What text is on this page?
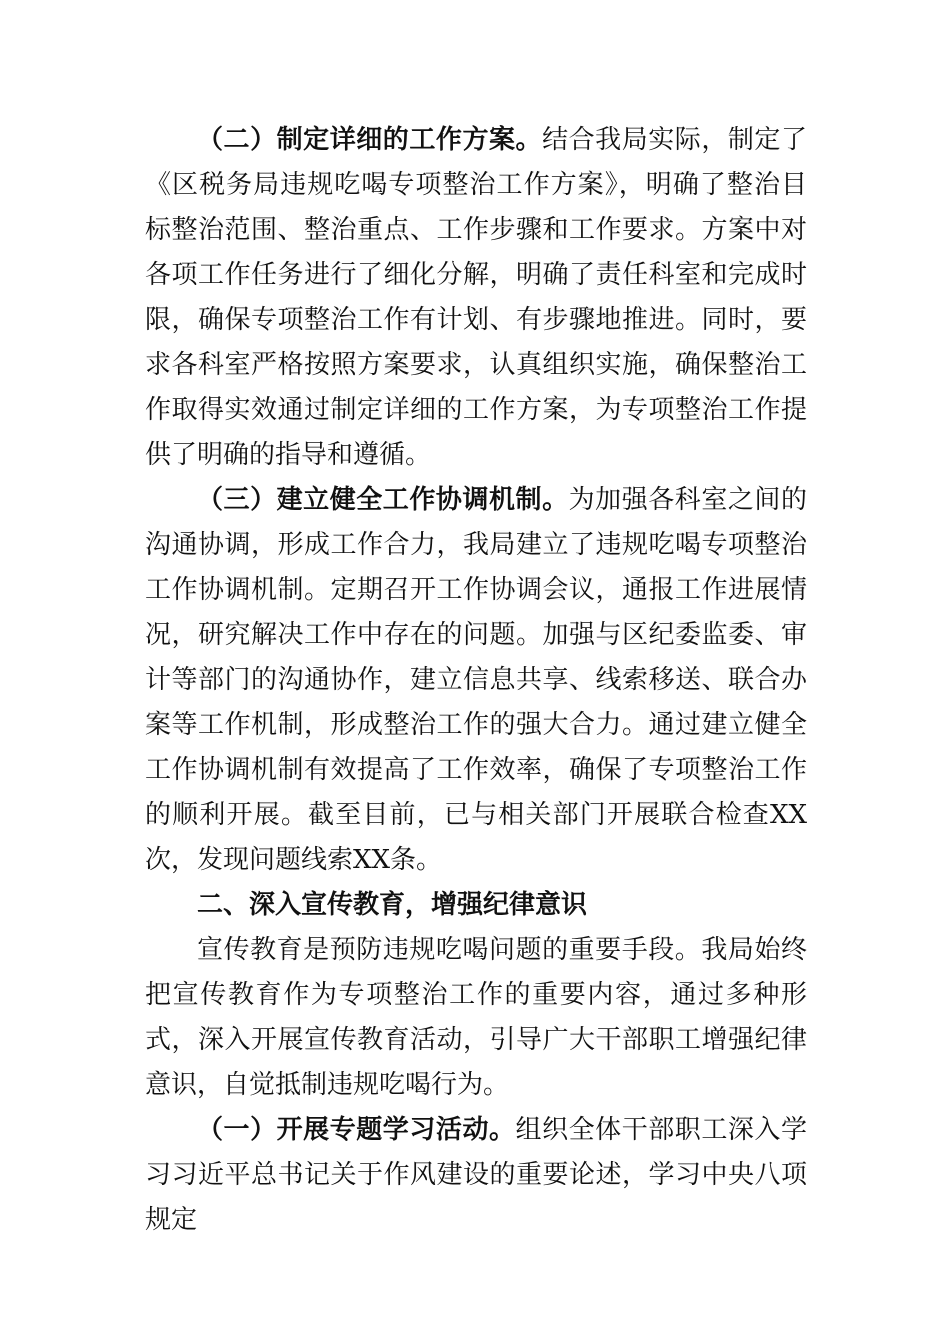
（二）制定详细的工作方案。结合我局实际，制定了《区税务局违规吃喝专项整治工作方案》，明确了整治目标整治范围、整治重点、工作步骤和工作要求。方案中对各项工作任务进行了细化分解，明确了责任科室和完成时限，确保专项整治工作有计划、有步骤地推进。同时，要求各科室严格按照方案要求，认真组织实施，确保整治工作取得实效通过制定详细的工作方案，为专项整治工作提供了明确的指导和遵循。

（三）建立健全工作协调机制。为加强各科室之间的沟通协调，形成工作合力，我局建立了违规吃喝专项整治工作协调机制。定期召开工作协调会议，通报工作进展情况，研究解决工作中存在的问题。加强与区纪委监委、审计等部门的沟通协作，建立信息共享、线索移送、联合办案等工作机制，形成整治工作的强大合力。通过建立健全工作协调机制有效提高了工作效率，确保了专项整治工作的顺利开展。截至目前，已与相关部门开展联合检查XX次，发现问题线索XX条。

二、深入宣传教育，增强纪律意识

宣传教育是预防违规吃喝问题的重要手段。我局始终把宣传教育作为专项整治工作的重要内容，通过多种形式，深入开展宣传教育活动，引导广大干部职工增强纪律意识，自觉抵制违规吃喝行为。

（一）开展专题学习活动。组织全体干部职工深入学习习近平总书记关于作风建设的重要论述，学习中央八项规定
